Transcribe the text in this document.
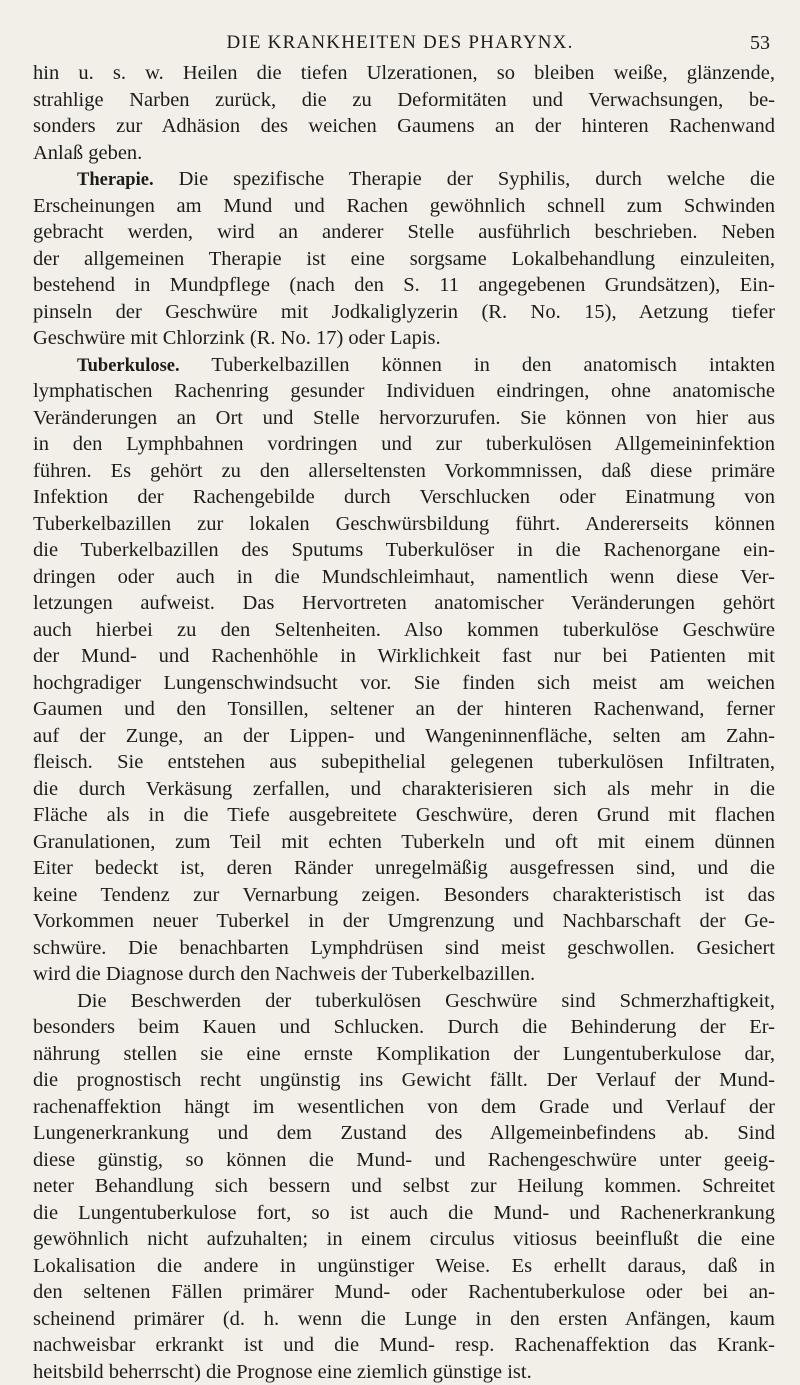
DIE KRANKHEITEN DES PHARYNX.	53
hin u. s. w. Heilen die tiefen Ulzerationen, so bleiben weiße, glänzende,
strahlige Narben zurück, die zu Deformitäten und Verwachsungen, be-
sonders zur Adhäsion des weichen Gaumens an der hinteren Rachenwand
Anlaß geben.
Therapie. Die spezifische Therapie der Syphilis, durch welche die
Erscheinungen am Mund und Rachen gewöhnlich schnell zum Schwinden
gebracht werden, wird an anderer Stelle ausführlich beschrieben. Neben
der allgemeinen Therapie ist eine sorgsame Lokalbehandlung einzuleiten,
bestehend in Mundpflege (nach den S. 11 angegebenen Grundsätzen), Ein-
pinseln der Geschwüre mit Jodkaliglyzerin (R. No. 15), Aetzung tiefer
Geschwüre mit Chlorzink (R. No. 17) oder Lapis.
Tuberkulose. Tuberkelbazillen können in den anatomisch intakten
lymphatischen Rachenring gesunder Individuen eindringen, ohne anatomische
Veränderungen an Ort und Stelle hervorzurufen. Sie können von hier aus
in den Lymphbahnen vordringen und zur tuberkulösen Allgemeininfektion
führen. Es gehört zu den allerseltensten Vorkommnissen, daß diese primäre
Infektion der Rachengebilde durch Verschlucken oder Einatmung von
Tuberkelbazillen zur lokalen Geschwürsbildung führt. Andererseits können
die Tuberkelbazillen des Sputums Tuberkulöser in die Rachenorgane ein-
dringen oder auch in die Mundschleimhaut, namentlich wenn diese Ver-
letzungen aufweist. Das Hervortreten anatomischer Veränderungen gehört
auch hierbei zu den Seltenheiten. Also kommen tuberkulöse Geschwüre
der Mund- und Rachenhöhle in Wirklichkeit fast nur bei Patienten mit
hochgradiger Lungenschwindsucht vor. Sie finden sich meist am weichen
Gaumen und den Tonsillen, seltener an der hinteren Rachenwand, ferner
auf der Zunge, an der Lippen- und Wangeninnenfläche, selten am Zahn-
fleisch. Sie entstehen aus subepithelial gelegenen tuberkulösen Infiltraten,
die durch Verkäsung zerfallen, und charakterisieren sich als mehr in die
Fläche als in die Tiefe ausgebreitete Geschwüre, deren Grund mit flachen
Granulationen, zum Teil mit echten Tuberkeln und oft mit einem dünnen
Eiter bedeckt ist, deren Ränder unregelmäßig ausgefressen sind, und die
keine Tendenz zur Vernarbung zeigen. Besonders charakteristisch ist das
Vorkommen neuer Tuberkel in der Umgrenzung und Nachbarschaft der Ge-
schwüre. Die benachbarten Lymphdrüsen sind meist geschwollen. Gesichert
wird die Diagnose durch den Nachweis der Tuberkelbazillen.
Die Beschwerden der tuberkulösen Geschwüre sind Schmerzhaftigkeit,
besonders beim Kauen und Schlucken. Durch die Behinderung der Er-
nährung stellen sie eine ernste Komplikation der Lungentuberkulose dar,
die prognostisch recht ungünstig ins Gewicht fällt. Der Verlauf der Mund-
rachenaffektion hängt im wesentlichen von dem Grade und Verlauf der
Lungenerkrankung und dem Zustand des Allgemeinbefindens ab. Sind
diese günstig, so können die Mund- und Rachengeschwüre unter geeig-
neter Behandlung sich bessern und selbst zur Heilung kommen. Schreitet
die Lungentuberkulose fort, so ist auch die Mund- und Rachenerkrankung
gewöhnlich nicht aufzuhalten; in einem circulus vitiosus beeinflußt die eine
Lokalisation die andere in ungünstiger Weise. Es erhellt daraus, daß in
den seltenen Fällen primärer Mund- oder Rachentuberkulose oder bei an-
scheinend primärer (d. h. wenn die Lunge in den ersten Anfängen, kaum
nachweisbar erkrankt ist und die Mund- resp. Rachenaffektion das Krank-
heitsbild beherrscht) die Prognose eine ziemlich günstige ist.
